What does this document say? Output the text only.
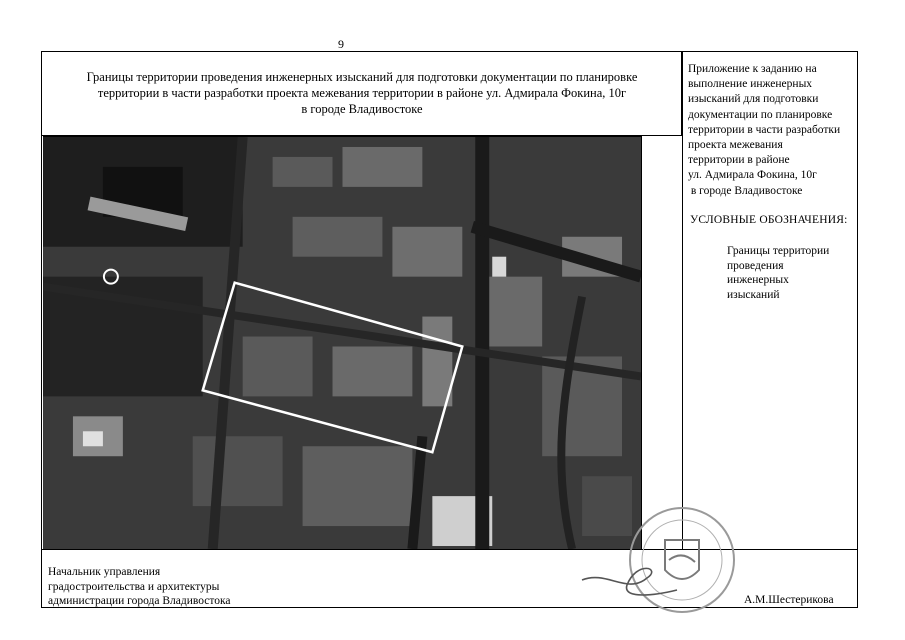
9
Границы территории проведения инженерных изысканий для подготовки документации по планировке
территории в части разработки проекта межевания территории в районе ул. Адмирала Фокина, 10г
в городе Владивостоке
Приложение к заданию на
выполнение инженерных
изысканий для подготовки
документации по планировке
территории в части разработки
проекта межевания
территории в районе
ул. Адмирала Фокина, 10г
в городе Владивостоке
УСЛОВНЫЕ ОБОЗНАЧЕНИЯ:
Границы территории
проведения
инженерных
изысканий
Начальник управления
градостроительства и архитектуры
администрации города Владивостока	А.М.Шестерикова
